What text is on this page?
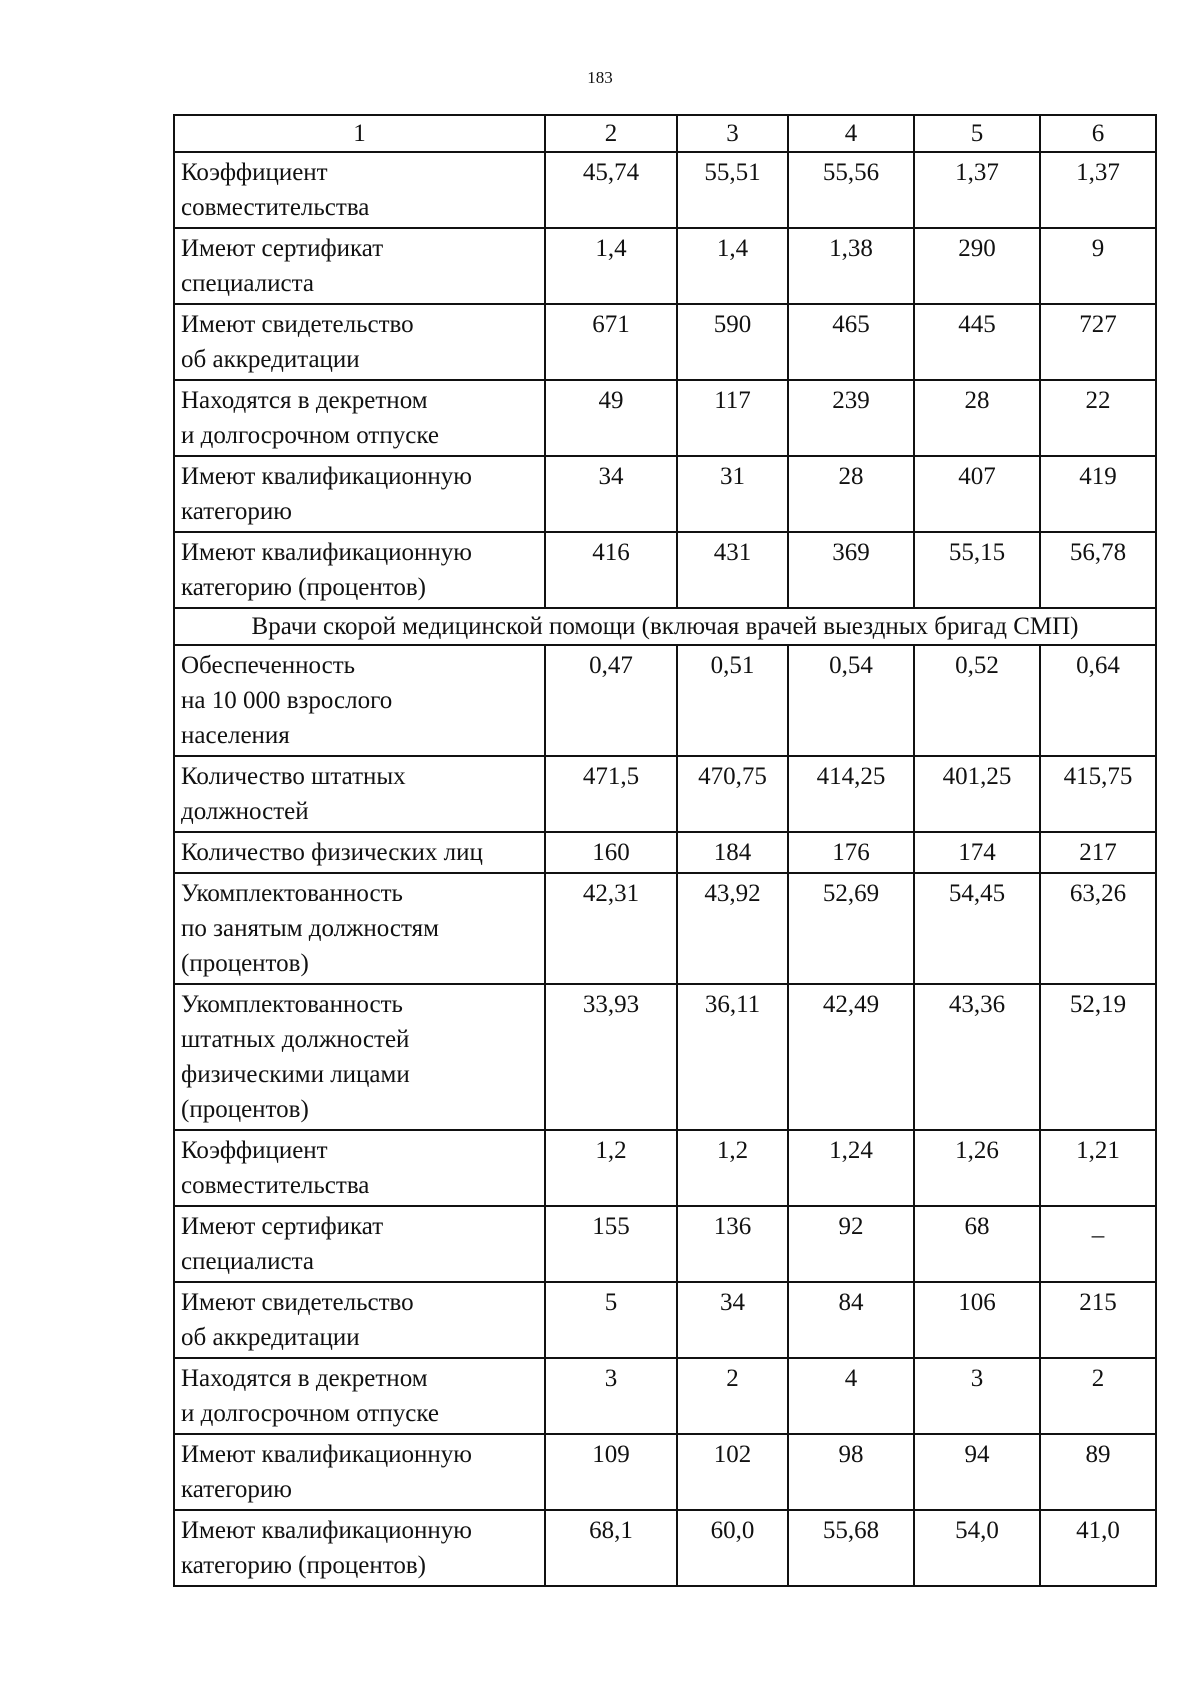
183
1	2	3	4	5	6

Коэффициент
совместительства	45,74	55,51	55,56	1,37	1,37

Имеют сертификат
специалиста	1,4	1,4	1,38	290	9

Имеют свидетельство
об аккредитации	671	590	465	445	727

Находятся в декретном
и долгосрочном отпуске	49	117	239	28	22

Имеют квалификационную
категорию	34	31	28	407	419

Имеют квалификационную
категорию (процентов)	416	431	369	55,15	56,78
Врачи скорой медицинской помощи (включая врачей выездных бригад СМП)					

Обеспеченность
на 10 000 взрослого
населения	0,47	0,51	0,54	0,52	0,64

Количество штатных
должностей	471,5	470,75	414,25	401,25	415,75

Количество физических лиц	160	184	176	174	217

Укомплектованность
по занятым должностям
(процентов)	42,31	43,92	52,69	54,45	63,26

Укомплектованность
штатных должностей
физическими лицами
(процентов)	33,93	36,11	42,49	43,36	52,19

Коэффициент
совместительства	1,2	1,2	1,24	1,26	1,21

Имеют сертификат
специалиста	155	136	92	68	_

Имеют свидетельство
об аккредитации	5	34	84	106	215

Находятся в декретном
и долгосрочном отпуске	3	2	4	3	2

Имеют квалификационную
категорию	109	102	98	94	89

Имеют квалификационную
категорию (процентов)	68,1	60,0	55,68	54,0	41,0
